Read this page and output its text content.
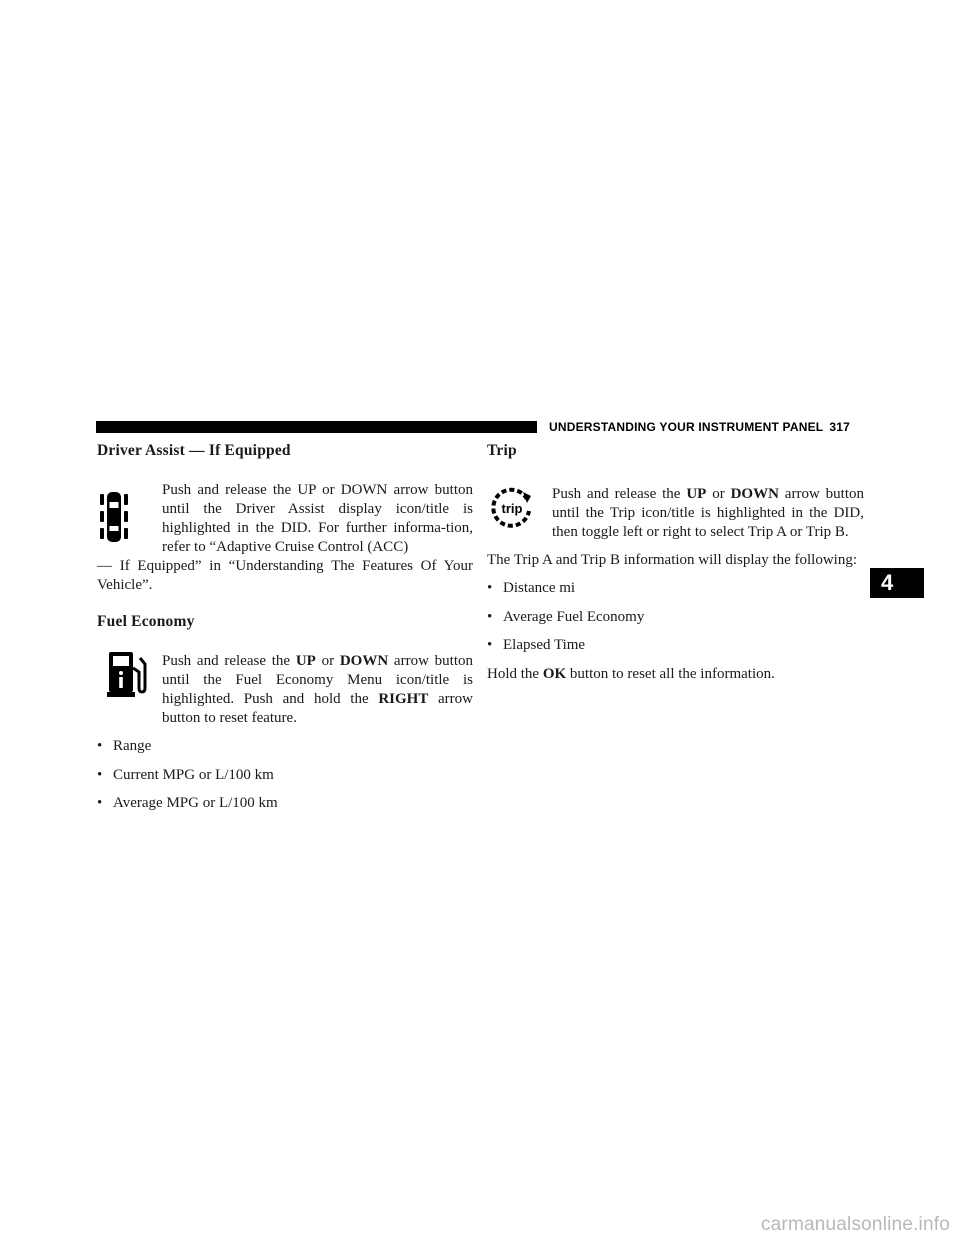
UNDERSTANDING YOUR INSTRUMENT PANEL 317
4
Driver Assist — If Equipped

Push and release the UP or DOWN arrow button until the Driver Assist display icon/title is highlighted in the DID. For further informa-tion, refer to “Adaptive Cruise Control (ACC)

— If Equipped” in “Understanding The Features Of Your Vehicle”.

Fuel Economy

Push and release the UP or DOWN arrow button until the Fuel Economy Menu icon/title is highlighted. Push and hold the RIGHT arrow button to reset feature.

• Range
• Current MPG or L/100 km
• Average MPG or L/100 km
Trip
trip

Push and release the UP or DOWN arrow button until the Trip icon/title is highlighted in the DID, then toggle left or right to select Trip A or Trip B.

The Trip A and Trip B information will display the following:

• Distance mi
• Average Fuel Economy
• Elapsed Time

Hold the OK button to reset all the information.

carmanualsonline.info
